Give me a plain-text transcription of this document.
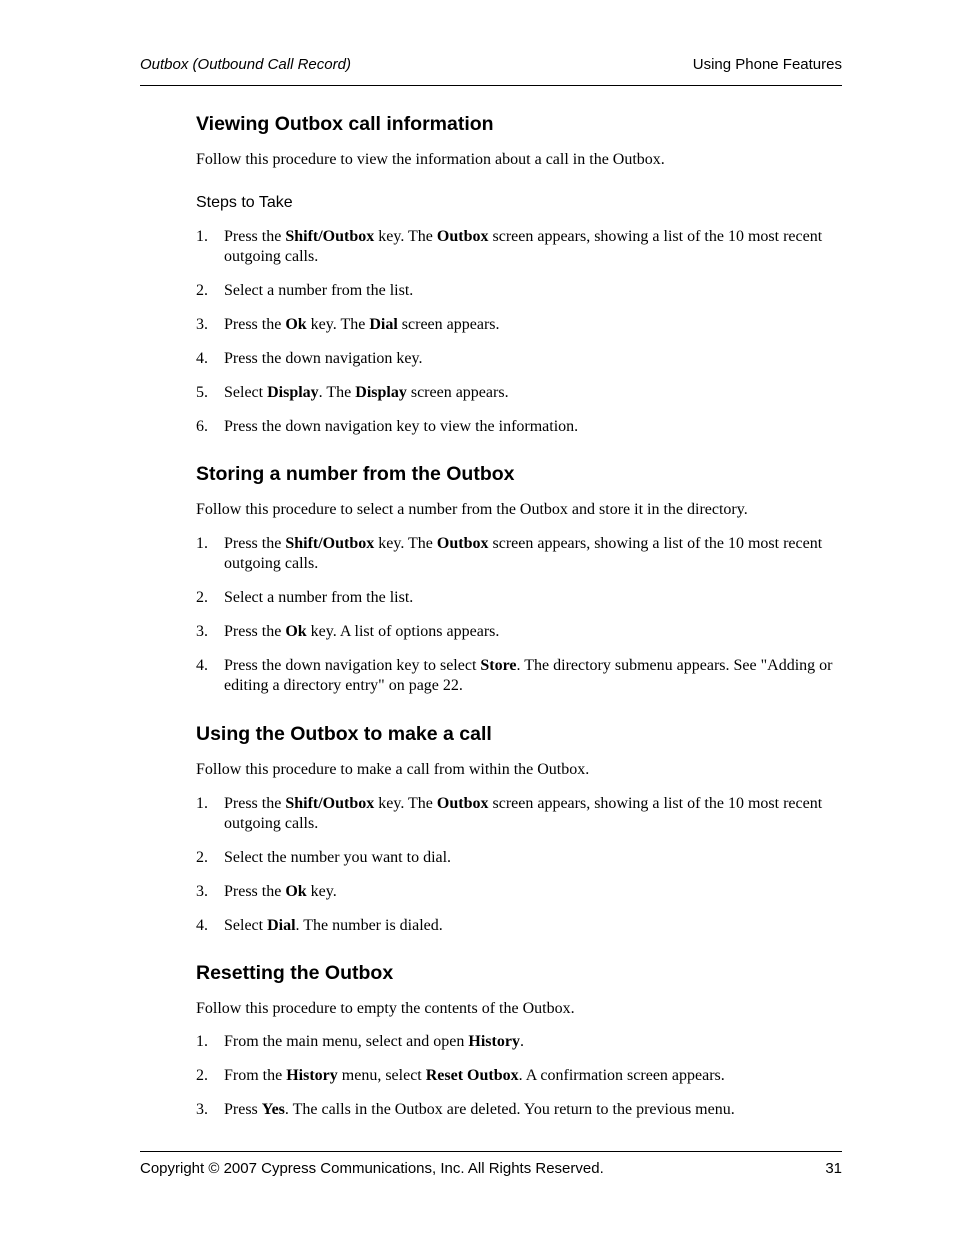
Outbox (Outbound Call Record)	Using Phone Features
Viewing Outbox call information

Follow this procedure to view the information about a call in the Outbox.

Steps to Take

1. Press the Shift/Outbox key. The Outbox screen appears, showing a list of the 10 most recent outgoing calls.
2. Select a number from the list.
3. Press the Ok key. The Dial screen appears.
4. Press the down navigation key.
5. Select Display. The Display screen appears.
6. Press the down navigation key to view the information.
Storing a number from the Outbox

Follow this procedure to select a number from the Outbox and store it in the directory.

1. Press the Shift/Outbox key. The Outbox screen appears, showing a list of the 10 most recent outgoing calls.
2. Select a number from the list.
3. Press the Ok key. A list of options appears.
4. Press the down navigation key to select Store. The directory submenu appears. See "Adding or editing a directory entry" on page 22.
Using the Outbox to make a call

Follow this procedure to make a call from within the Outbox.

1. Press the Shift/Outbox key. The Outbox screen appears, showing a list of the 10 most recent outgoing calls.
2. Select the number you want to dial.
3. Press the Ok key.
4. Select Dial. The number is dialed.
Resetting the Outbox

Follow this procedure to empty the contents of the Outbox.

1. From the main menu, select and open History.
2. From the History menu, select Reset Outbox. A confirmation screen appears.
3. Press Yes. The calls in the Outbox are deleted. You return to the previous menu.
Copyright © 2007 Cypress Communications, Inc. All Rights Reserved.	31
